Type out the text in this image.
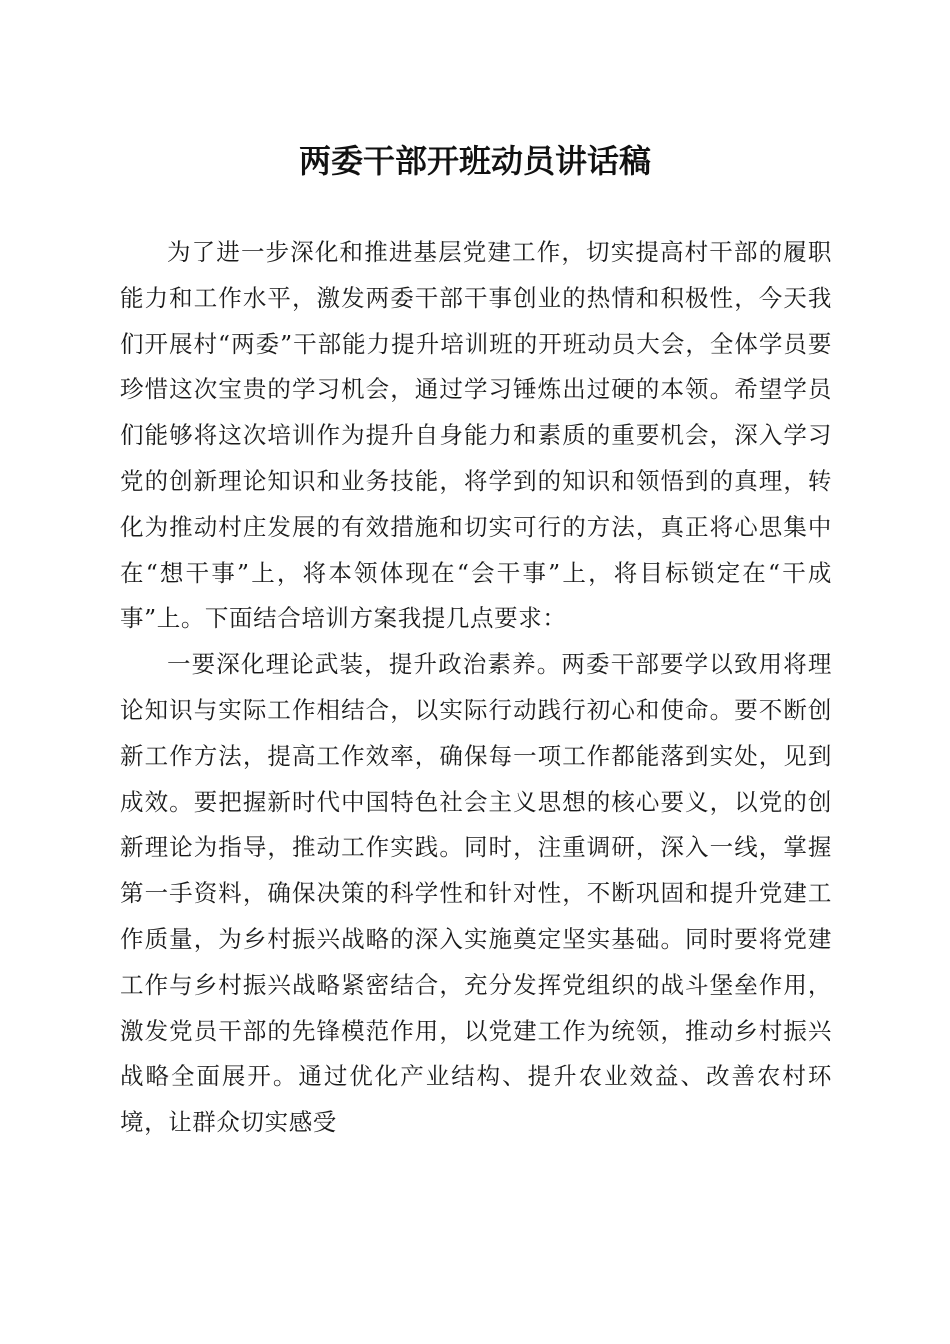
两委干部开班动员讲话稿

为了进一步深化和推进基层党建工作，切实提高村干部的履职能力和工作水平，激发两委干部干事创业的热情和积极性，今天我们开展村“两委”干部能力提升培训班的开班动员大会，全体学员要珍惜这次宝贵的学习机会，通过学习锤炼出过硬的本领。希望学员们能够将这次培训作为提升自身能力和素质的重要机会，深入学习党的创新理论知识和业务技能，将学到的知识和领悟到的真理，转化为推动村庄发展的有效措施和切实可行的方法，真正将心思集中在“想干事”上，将本领体现在“会干事”上，将目标锁定在“干成事”上。下面结合培训方案我提几点要求：

一要深化理论武装，提升政治素养。两委干部要学以致用将理论知识与实际工作相结合，以实际行动践行初心和使命。要不断创新工作方法，提高工作效率，确保每一项工作都能落到实处，见到成效。要把握新时代中国特色社会主义思想的核心要义，以党的创新理论为指导，推动工作实践。同时，注重调研，深入一线，掌握第一手资料，确保决策的科学性和针对性，不断巩固和提升党建工作质量，为乡村振兴战略的深入实施奠定坚实基础。同时要将党建工作与乡村振兴战略紧密结合，充分发挥党组织的战斗堡垒作用，激发党员干部的先锋模范作用，以党建工作为统领，推动乡村振兴战略全面展开。通过优化产业结构、提升农业效益、改善农村环境，让群众切实感受
